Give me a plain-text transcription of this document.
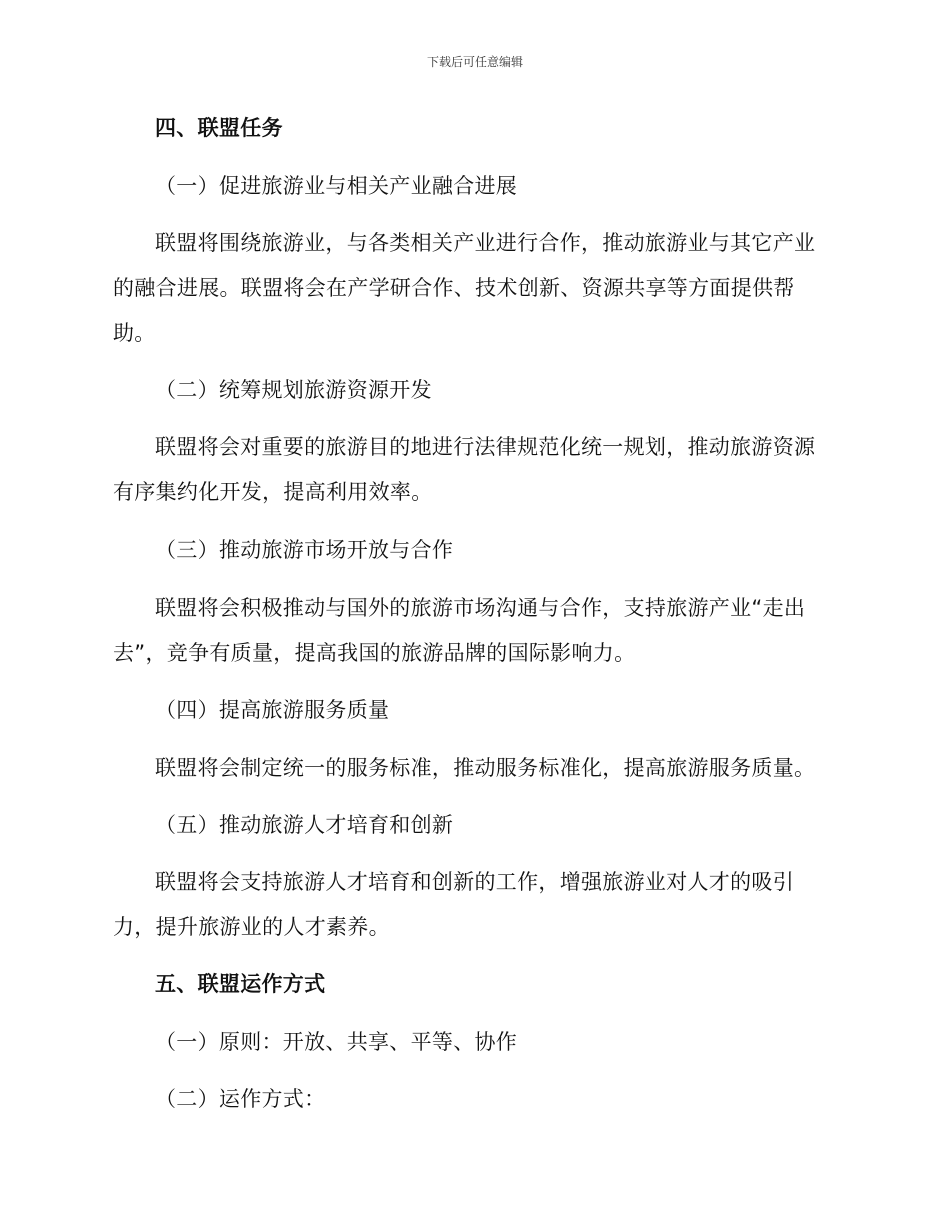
下载后可任意编辑
四、联盟任务
（一）促进旅游业与相关产业融合进展
联盟将围绕旅游业，与各类相关产业进行合作，推动旅游业与其它产业
的融合进展。联盟将会在产学研合作、技术创新、资源共享等方面提供帮
助。
（二）统筹规划旅游资源开发
联盟将会对重要的旅游目的地进行法律规范化统一规划，推动旅游资源
有序集约化开发，提高利用效率。
（三）推动旅游市场开放与合作
联盟将会积极推动与国外的旅游市场沟通与合作，支持旅游产业“走出
去”，竞争有质量，提高我国的旅游品牌的国际影响力。
（四）提高旅游服务质量
联盟将会制定统一的服务标准，推动服务标准化，提高旅游服务质量。
（五）推动旅游人才培育和创新
联盟将会支持旅游人才培育和创新的工作，增强旅游业对人才的吸引
力，提升旅游业的人才素养。
五、联盟运作方式
（一）原则：开放、共享、平等、协作
（二）运作方式：
